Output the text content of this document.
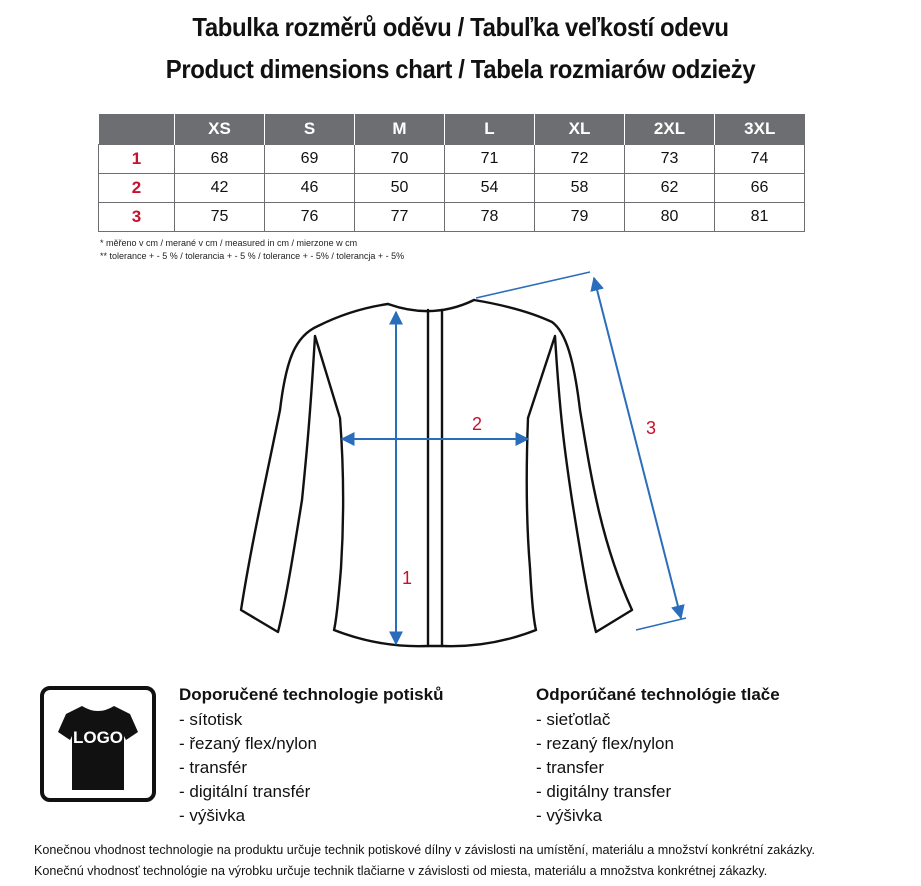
Tabulka rozměrů oděvu / Tabuľka veľkostí odevu
Product dimensions chart / Tabela rozmiarów odzieży
	XS	S	M	L	XL	2XL	3XL
1	68	69	70	71	72	73	74
2	42	46	50	54	58	62	66
3	75	76	77	78	79	80	81
* měřeno v cm / merané v cm / measured in cm / mierzone w cm
** tolerance + - 5 % / tolerancia + - 5 % / tolerance + - 5% / tolerancja + - 5%
2
1
3
LOGO
Doporučené technologie potisků
- sítotisk
- řezaný flex/nylon
- transfér
- digitální transfér
- výšivka
Odporúčané technológie tlače
- sieťotlač
- rezaný flex/nylon
- transfer
- digitálny transfer
- výšivka
Konečnou vhodnost technologie na produktu určuje technik potiskové dílny v závislosti na umístění, materiálu a množství konkrétní zakázky.
Konečnú vhodnosť technológie na výrobku určuje technik tlačiarne v závislosti od miesta, materiálu a množstva konkrétnej zákazky.
